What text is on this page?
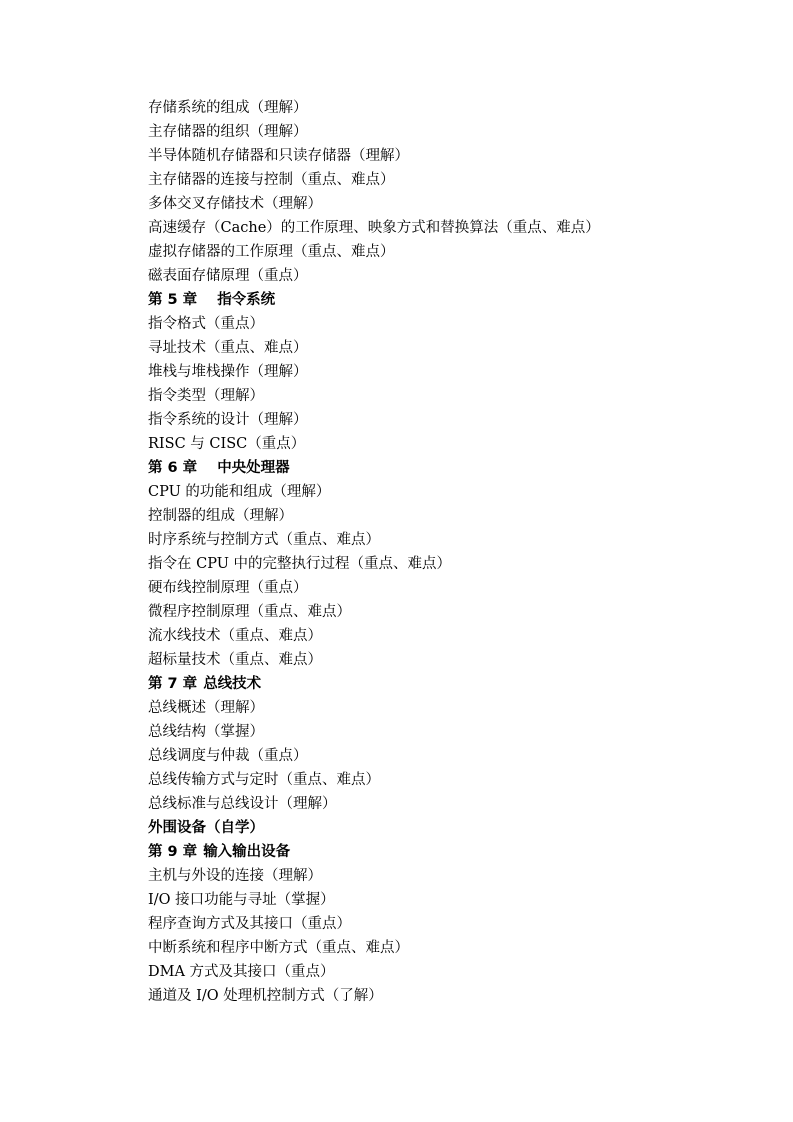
存储系统的组成（理解）
主存储器的组织（理解）
半导体随机存储器和只读存储器（理解）
主存储器的连接与控制（重点、难点）
多体交叉存储技术（理解）
高速缓存（Cache）的工作原理、映象方式和替换算法（重点、难点）
虚拟存储器的工作原理（重点、难点）
磁表面存储原理（重点）
第 5 章 指令系统
指令格式（重点）
寻址技术（重点、难点）
堆栈与堆栈操作（理解）
指令类型（理解）
指令系统的设计（理解）
RISC 与 CISC（重点）
第 6 章 中央处理器
CPU 的功能和组成（理解）
控制器的组成（理解）
时序系统与控制方式（重点、难点）
指令在 CPU 中的完整执行过程（重点、难点）
硬布线控制原理（重点）
微程序控制原理（重点、难点）
流水线技术（重点、难点）
超标量技术（重点、难点）
第 7 章 总线技术
总线概述（理解）
总线结构（掌握）
总线调度与仲裁（重点）
总线传输方式与定时（重点、难点）
总线标准与总线设计（理解）
外围设备（自学）
第 9 章 输入输出设备
主机与外设的连接（理解）
I/O 接口功能与寻址（掌握）
程序查询方式及其接口（重点）
中断系统和程序中断方式（重点、难点）
DMA 方式及其接口（重点）
通道及 I/O 处理机控制方式（了解）
